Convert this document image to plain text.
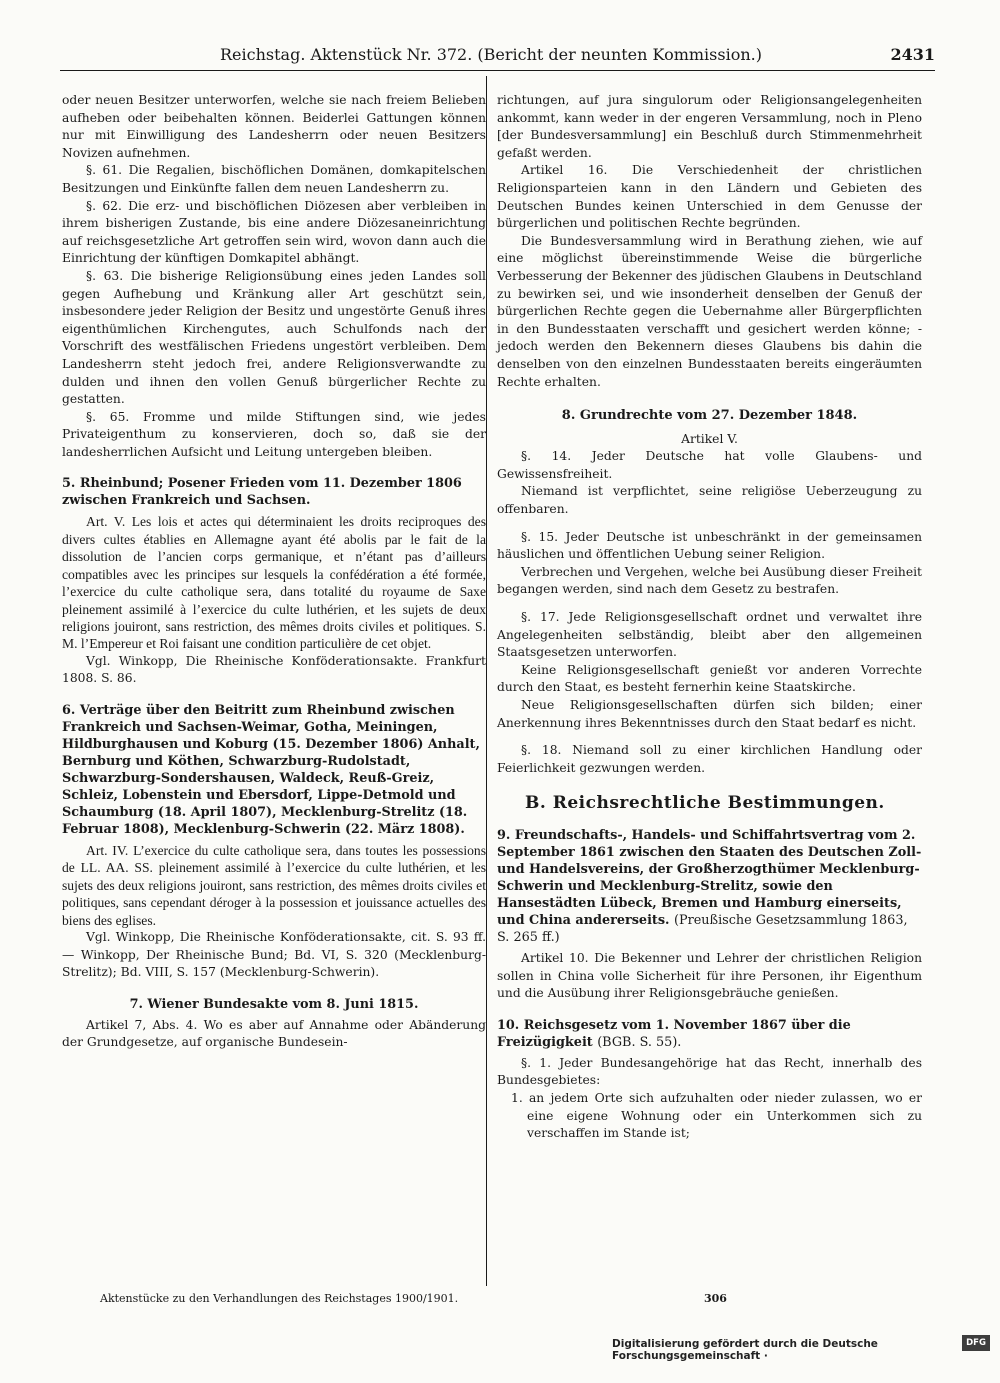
Reichstag. Aktenstück Nr. 372. (Bericht der neunten Kommission.)	2431

oder neuen Besitzer unterworfen, welche sie nach freiem Belieben aufheben oder beibehalten können. Beiderlei Gattungen können nur mit Einwilligung des Landesherrn oder neuen Besitzers Novizen aufnehmen.

§. 61. Die Regalien, bischöflichen Domänen, domkapitelschen Besitzungen und Einkünfte fallen dem neuen Landesherrn zu.

§. 62. Die erz- und bischöflichen Diözesen aber verbleiben in ihrem bisherigen Zustande, bis eine andere Diözesaneinrichtung auf reichsgesetzliche Art getroffen sein wird, wovon dann auch die Einrichtung der künftigen Domkapitel abhängt.

§. 63. Die bisherige Religionsübung eines jeden Landes soll gegen Aufhebung und Kränkung aller Art geschützt sein, insbesondere jeder Religion der Besitz und ungestörte Genuß ihres eigenthümlichen Kirchengutes, auch Schulfonds nach der Vorschrift des westfälischen Friedens ungestört verbleiben. Dem Landesherrn steht jedoch frei, andere Religionsverwandte zu dulden und ihnen den vollen Genuß bürgerlicher Rechte zu gestatten.

§. 65. Fromme und milde Stiftungen sind, wie jedes Privateigenthum zu konservieren, doch so, daß sie der landesherrlichen Aufsicht und Leitung untergeben bleiben.

5. Rheinbund; Posener Frieden vom 11. Dezember 1806 zwischen Frankreich und Sachsen.

Art. V. Les lois et actes qui déterminaient les droits reciproques des divers cultes établies en Allemagne ayant été abolis par le fait de la dissolution de l’ancien corps germanique, et n’étant pas d’ailleurs compatibles avec les principes sur lesquels la confédération a été formée, l’exercice du culte catholique sera, dans totalité du royaume de Saxe pleinement assimilé à l’exercice du culte luthérien, et les sujets de deux religions jouiront, sans restriction, des mêmes droits civiles et politiques. S. M. l’Empereur et Roi faisant une condition particulière de cet objet.

Vgl. Winkopp, Die Rheinische Konföderationsakte. Frankfurt 1808. S. 86.

6. Verträge über den Beitritt zum Rheinbund zwischen Frankreich und Sachsen-Weimar, Gotha, Meiningen, Hildburghausen und Koburg (15. Dezember 1806) Anhalt, Bernburg und Köthen, Schwarzburg-Rudolstadt, Schwarzburg-Sondershausen, Waldeck, Reuß-Greiz, Schleiz, Lobenstein und Ebersdorf, Lippe-Detmold und Schaumburg (18. April 1807), Mecklenburg-Strelitz (18. Februar 1808), Mecklenburg-Schwerin (22. März 1808).

Art. IV. L’exercice du culte catholique sera, dans toutes les possessions de LL. AA. SS. pleinement assimilé à l’exercice du culte luthérien, et les sujets des deux religions jouiront, sans restriction, des mêmes droits civiles et politiques, sans cependant déroger à la possession et jouissance actuelles des biens des eglises.

Vgl. Winkopp, Die Rheinische Konföderationsakte, cit. S. 93 ff. — Winkopp, Der Rheinische Bund; Bd. VI, S. 320 (Mecklenburg-Strelitz); Bd. VIII, S. 157 (Mecklenburg-Schwerin).

7. Wiener Bundesakte vom 8. Juni 1815.

Artikel 7, Abs. 4. Wo es aber auf Annahme oder Abänderung der Grundgesetze, auf organische Bundesein-

richtungen, auf jura singulorum oder Religionsangelegenheiten ankommt, kann weder in der engeren Versammlung, noch in Pleno [der Bundesversammlung] ein Beschluß durch Stimmenmehrheit gefaßt werden.

Artikel 16. Die Verschiedenheit der christlichen Religionsparteien kann in den Ländern und Gebieten des Deutschen Bundes keinen Unterschied in dem Genusse der bürgerlichen und politischen Rechte begründen.

Die Bundesversammlung wird in Berathung ziehen, wie auf eine möglichst übereinstimmende Weise die bürgerliche Verbesserung der Bekenner des jüdischen Glaubens in Deutschland zu bewirken sei, und wie insonderheit denselben der Genuß der bürgerlichen Rechte gegen die Uebernahme aller Bürgerpflichten in den Bundesstaaten verschafft und gesichert werden könne; - jedoch werden den Bekennern dieses Glaubens bis dahin die denselben von den einzelnen Bundesstaaten bereits eingeräumten Rechte erhalten.

8. Grundrechte vom 27. Dezember 1848.

Artikel V.

§. 14. Jeder Deutsche hat volle Glaubens- und Gewissensfreiheit.

Niemand ist verpflichtet, seine religiöse Ueberzeugung zu offenbaren.

§. 15. Jeder Deutsche ist unbeschränkt in der gemeinsamen häuslichen und öffentlichen Uebung seiner Religion.

Verbrechen und Vergehen, welche bei Ausübung dieser Freiheit begangen werden, sind nach dem Gesetz zu bestrafen.

§. 17. Jede Religionsgesellschaft ordnet und verwaltet ihre Angelegenheiten selbständig, bleibt aber den allgemeinen Staatsgesetzen unterworfen.

Keine Religionsgesellschaft genießt vor anderen Vorrechte durch den Staat, es besteht fernerhin keine Staatskirche.

Neue Religionsgesellschaften dürfen sich bilden; einer Anerkennung ihres Bekenntnisses durch den Staat bedarf es nicht.

§. 18. Niemand soll zu einer kirchlichen Handlung oder Feierlichkeit gezwungen werden.

B. Reichsrechtliche Bestimmungen.

9. Freundschafts-, Handels- und Schiffahrtsvertrag vom 2. September 1861 zwischen den Staaten des Deutschen Zoll- und Handelsvereins, der Großherzogthümer Mecklenburg-Schwerin und Mecklenburg-Strelitz, sowie den Hansestädten Lübeck, Bremen und Hamburg einerseits, und China andererseits. (Preußische Gesetzsammlung 1863, S. 265 ff.)

Artikel 10. Die Bekenner und Lehrer der christlichen Religion sollen in China volle Sicherheit für ihre Personen, ihr Eigenthum und die Ausübung ihrer Religionsgebräuche genießen.

10. Reichsgesetz vom 1. November 1867 über die Freizügigkeit (BGB. S. 55).

§. 1. Jeder Bundesangehörige hat das Recht, innerhalb des Bundesgebietes:

1. an jedem Orte sich aufzuhalten oder nieder zulassen, wo er eine eigene Wohnung oder ein Unterkommen sich zu verschaffen im Stande ist;

Aktenstücke zu den Verhandlungen des Reichstages 1900/1901.	306
Digitalisierung gefördert durch die Deutsche Forschungsgemeinschaft ·
DFG
